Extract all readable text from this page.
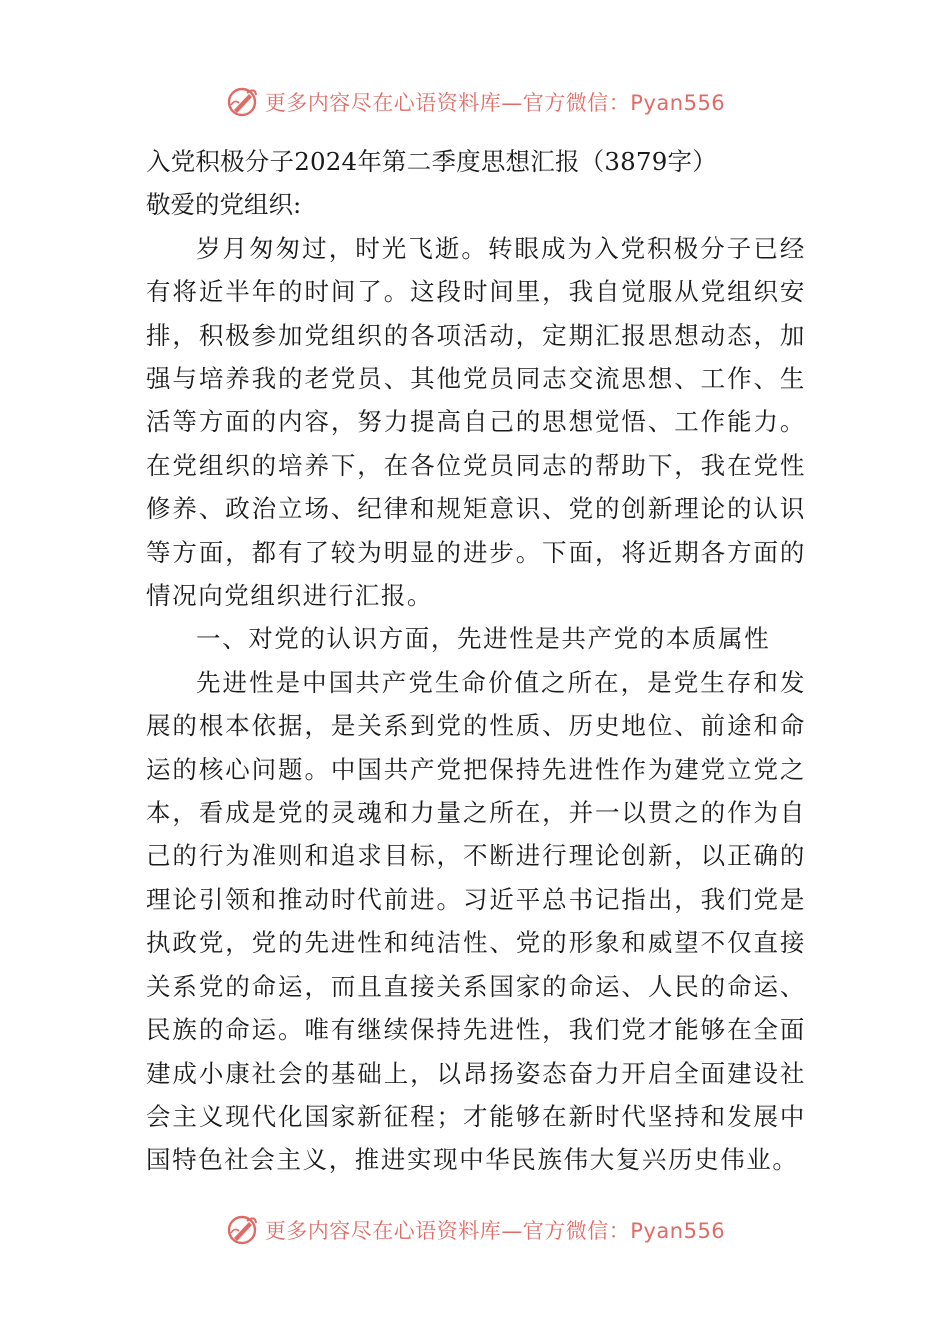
更多内容尽在心语资料库—官方微信：Pyan556
入党积极分子2024年第二季度思想汇报（3879字）
敬爱的党组织:

岁月匆匆过，时光飞逝。转眼成为入党积极分子已经有将近半年的时间了。这段时间里，我自觉服从党组织安排，积极参加党组织的各项活动，定期汇报思想动态，加强与培养我的老党员、其他党员同志交流思想、工作、生活等方面的内容，努力提高自己的思想觉悟、工作能力。在党组织的培养下，在各位党员同志的帮助下，我在党性修养、政治立场、纪律和规矩意识、党的创新理论的认识等方面，都有了较为明显的进步。下面，将近期各方面的情况向党组织进行汇报。

一、对党的认识方面，先进性是共产党的本质属性

先进性是中国共产党生命价值之所在，是党生存和发展的根本依据，是关系到党的性质、历史地位、前途和命运的核心问题。中国共产党把保持先进性作为建党立党之本，看成是党的灵魂和力量之所在，并一以贯之的作为自己的行为准则和追求目标，不断进行理论创新，以正确的理论引领和推动时代前进。习近平总书记指出，我们党是执政党，党的先进性和纯洁性、党的形象和威望不仅直接关系党的命运，而且直接关系国家的命运、人民的命运、民族的命运。唯有继续保持先进性，我们党才能够在全面建成小康社会的基础上，以昂扬姿态奋力开启全面建设社会主义现代化国家新征程；才能够在新时代坚持和发展中国特色社会主义，推进实现中华民族伟大复兴历史伟业。

更多内容尽在心语资料库—官方微信：Pyan556
